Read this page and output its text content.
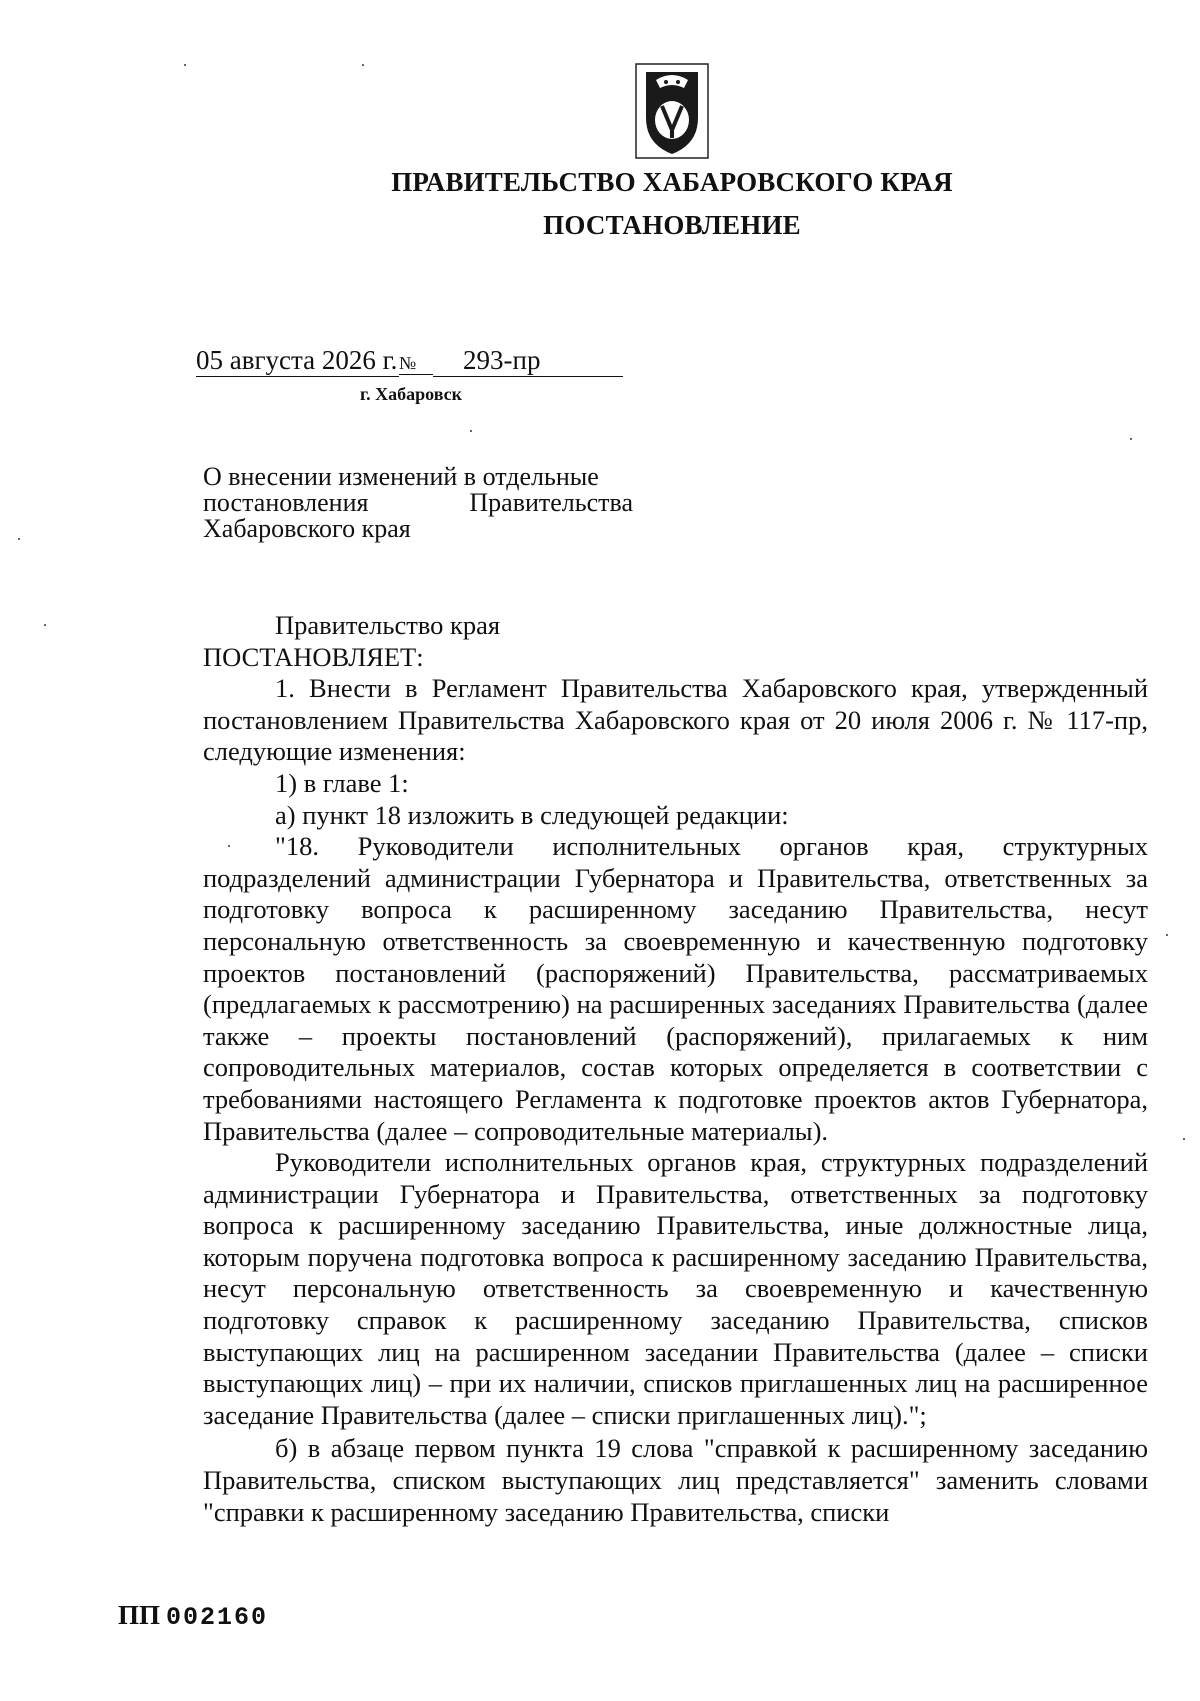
ПРАВИТЕЛЬСТВО ХАБАРОВСКОГО КРАЯ
ПОСТАНОВЛЕНИЕ
05 августа 2026 г.№ 293-пр
г. Хабаровск
О внесении изменений в отдельные
постановления Правительства
Хабаровского края

Правительство края

ПОСТАНОВЛЯЕТ:

1. Внести в Регламент Правительства Хабаровского края, утвержденный постановлением Правительства Хабаровского края от 20 июля 2006 г. № 117-пр, следующие изменения:

1) в главе 1:

а) пункт 18 изложить в следующей редакции:

"18. Руководители исполнительных органов края, структурных подразделений администрации Губернатора и Правительства, ответственных за подготовку вопроса к расширенному заседанию Правительства, несут персональную ответственность за своевременную и качественную подготовку проектов постановлений (распоряжений) Правительства, рассматриваемых (предлагаемых к рассмотрению) на расширенных заседаниях Правительства (далее также – проекты постановлений (распоряжений), прилагаемых к ним сопроводительных материалов, состав которых определяется в соответствии с требованиями настоящего Регламента к подготовке проектов актов Губернатора, Правительства (далее – сопроводительные материалы).

Руководители исполнительных органов края, структурных подразделений администрации Губернатора и Правительства, ответственных за подготовку вопроса к расширенному заседанию Правительства, иные должностные лица, которым поручена подготовка вопроса к расширенному заседанию Правительства, несут персональную ответственность за своевременную и качественную подготовку справок к расширенному заседанию Правительства, списков выступающих лиц на расширенном заседании Правительства (далее – списки выступающих лиц) – при их наличии, списков приглашенных лиц на расширенное заседание Правительства (далее – списки приглашенных лиц).";

б) в абзаце первом пункта 19 слова "справкой к расширенному заседанию Правительства, списком выступающих лиц представляется" заменить словами "справки к расширенному заседанию Правительства, списки

ПП 002160
